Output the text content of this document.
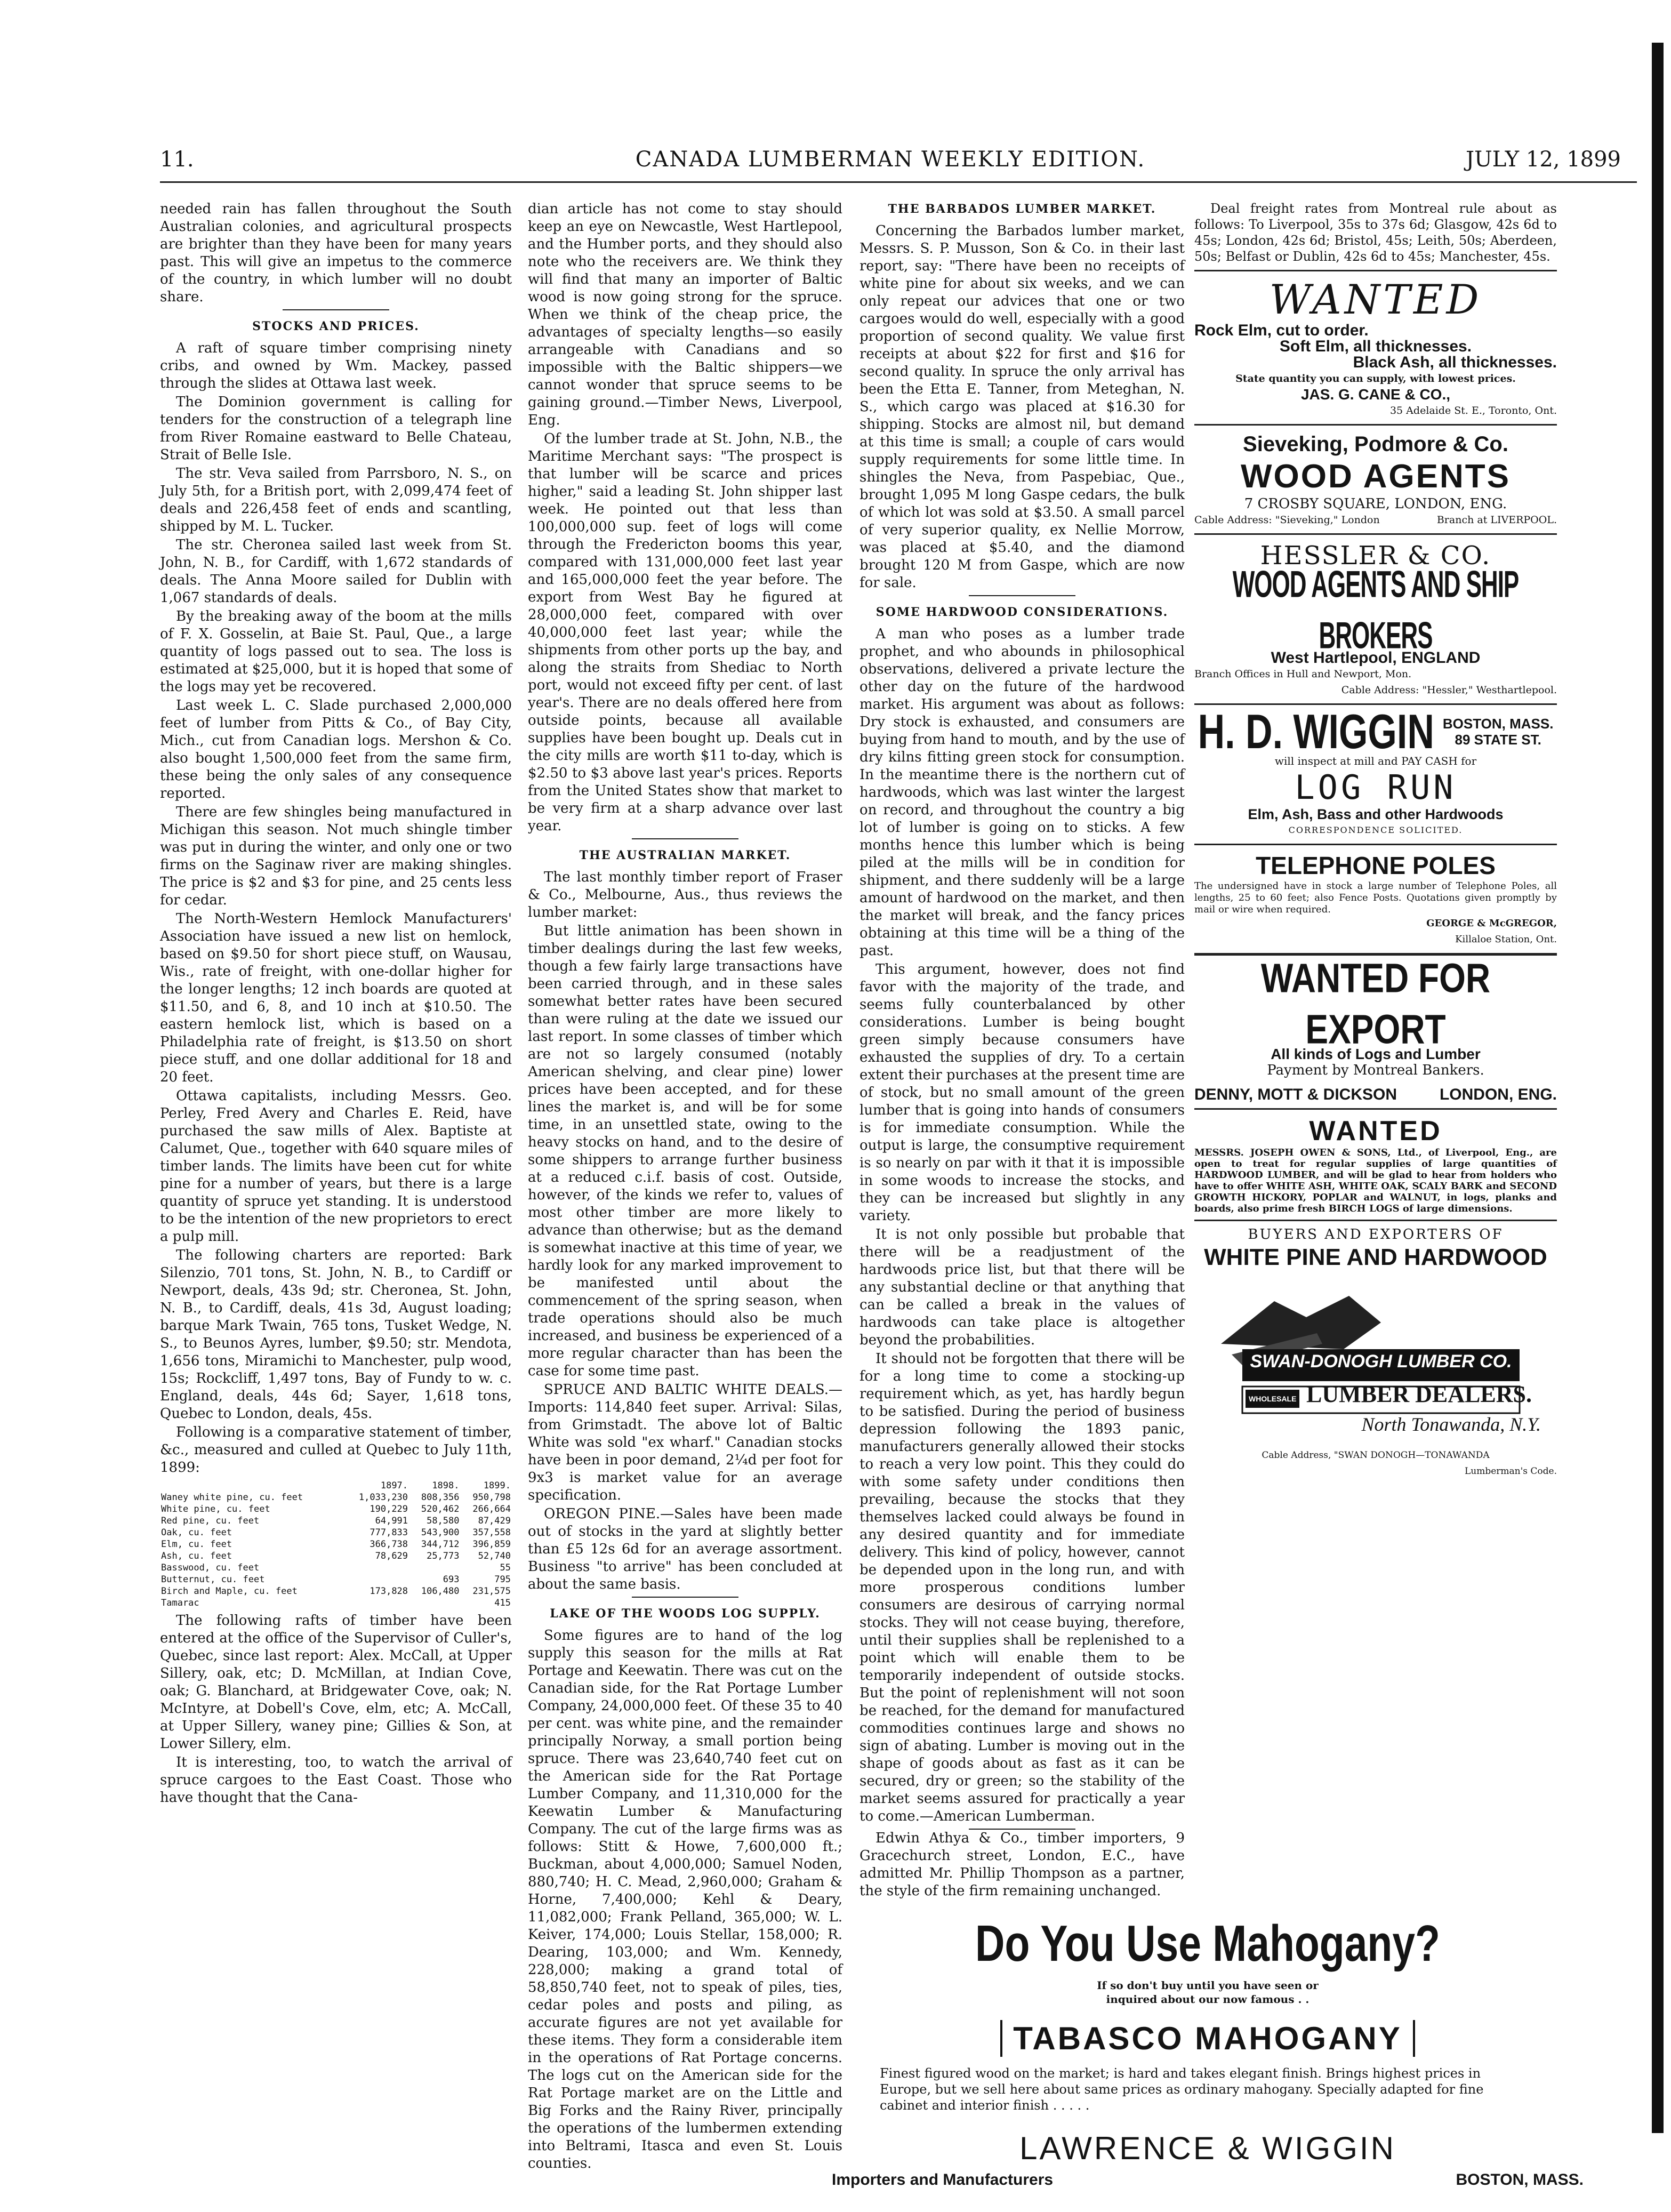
11.	CANADA LUMBERMAN WEEKLY EDITION.	JULY 12, 1899

needed rain has fallen throughout the South Australian colonies, and agricultural prospects are brighter than they have been for many years past. This will give an impetus to the commerce of the country, in which lumber will no doubt share.

STOCKS AND PRICES.

A raft of square timber comprising ninety cribs, and owned by Wm. Mackey, passed through the slides at Ottawa last week.

The Dominion government is calling for tenders for the construction of a telegraph line from River Romaine eastward to Belle Chateau, Strait of Belle Isle.

The str. Veva sailed from Parrsboro, N. S., on July 5th, for a British port, with 2,099,474 feet of deals and 226,458 feet of ends and scantling, shipped by M. L. Tucker.

The str. Cheronea sailed last week from St. John, N. B., for Cardiff, with 1,672 standards of deals. The Anna Moore sailed for Dublin with 1,067 standards of deals.

By the breaking away of the boom at the mills of F. X. Gosselin, at Baie St. Paul, Que., a large quantity of logs passed out to sea. The loss is estimated at $25,000, but it is hoped that some of the logs may yet be recovered.

Last week L. C. Slade purchased 2,000,000 feet of lumber from Pitts & Co., of Bay City, Mich., cut from Canadian logs. Mershon & Co. also bought 1,500,000 feet from the same firm, these being the only sales of any consequence reported.

There are few shingles being manufactured in Michigan this season. Not much shingle timber was put in during the winter, and only one or two firms on the Saginaw river are making shingles. The price is $2 and $3 for pine, and 25 cents less for cedar.

The North-Western Hemlock Manufacturers' Association have issued a new list on hemlock, based on $9.50 for short piece stuff, on Wausau, Wis., rate of freight, with one-dollar higher for the longer lengths; 12 inch boards are quoted at $11.50, and 6, 8, and 10 inch at $10.50. The eastern hemlock list, which is based on a Philadelphia rate of freight, is $13.50 on short piece stuff, and one dollar additional for 18 and 20 feet.

Ottawa capitalists, including Messrs. Geo. Perley, Fred Avery and Charles E. Reid, have purchased the saw mills of Alex. Baptiste at Calumet, Que., together with 640 square miles of timber lands. The limits have been cut for white pine for a number of years, but there is a large quantity of spruce yet standing. It is understood to be the intention of the new proprietors to erect a pulp mill.

The following charters are reported: Bark Silenzio, 701 tons, St. John, N. B., to Cardiff or Newport, deals, 43s 9d; str. Cheronea, St. John, N. B., to Cardiff, deals, 41s 3d, August loading; barque Mark Twain, 765 tons, Tusket Wedge, N. S., to Beunos Ayres, lumber, $9.50; str. Mendota, 1,656 tons, Miramichi to Manchester, pulp wood, 15s; Rockcliff, 1,497 tons, Bay of Fundy to w. c. England, deals, 44s 6d; Sayer, 1,618 tons, Quebec to London, deals, 45s.

Following is a comparative statement of timber, &c., measured and culled at Quebec to July 11th, 1899:

	1897.	1898.	1899.
Waney white pine, cu. feet	1,033,230	808,356	950,798
White pine, cu. feet	190,229	520,462	266,664
Red pine, cu. feet	64,991	58,580	87,429
Oak, cu. feet	777,833	543,900	357,558
Elm, cu. feet	366,738	344,712	396,859
Ash, cu. feet	78,629	25,773	52,740
Basswood, cu. feet			55
Butternut, cu. feet		693	795
Birch and Maple, cu. feet	173,828	106,480	231,575
Tamarac			415

The following rafts of timber have been entered at the office of the Supervisor of Culler's, Quebec, since last report: Alex. McCall, at Upper Sillery, oak, etc; D. McMillan, at Indian Cove, oak; G. Blanchard, at Bridgewater Cove, oak; N. McIntyre, at Dobell's Cove, elm, etc; A. McCall, at Upper Sillery, waney pine; Gillies & Son, at Lower Sillery, elm.

It is interesting, too, to watch the arrival of spruce cargoes to the East Coast. Those who have thought that the Cana-

dian article has not come to stay should keep an eye on Newcastle, West Hartlepool, and the Humber ports, and they should also note who the receivers are. We think they will find that many an importer of Baltic wood is now going strong for the spruce. When we think of the cheap price, the advantages of specialty lengths—so easily arrangeable with Canadians and so impossible with the Baltic shippers—we cannot wonder that spruce seems to be gaining ground.—Timber News, Liverpool, Eng.

Of the lumber trade at St. John, N.B., the Maritime Merchant says: "The prospect is that lumber will be scarce and prices higher," said a leading St. John shipper last week. He pointed out that less than 100,000,000 sup. feet of logs will come through the Fredericton booms this year, compared with 131,000,000 feet last year and 165,000,000 feet the year before. The export from West Bay he figured at 28,000,000 feet, compared with over 40,000,000 feet last year; while the shipments from other ports up the bay, and along the straits from Shediac to North port, would not exceed fifty per cent. of last year's. There are no deals offered here from outside points, because all available supplies have been bought up. Deals cut in the city mills are worth $11 to-day, which is $2.50 to $3 above last year's prices. Reports from the United States show that market to be very firm at a sharp advance over last year.

THE AUSTRALIAN MARKET.

The last monthly timber report of Fraser & Co., Melbourne, Aus., thus reviews the lumber market:

But little animation has been shown in timber dealings during the last few weeks, though a few fairly large transactions have been carried through, and in these sales somewhat better rates have been secured than were ruling at the date we issued our last report. In some classes of timber which are not so largely consumed (notably American shelving, and clear pine) lower prices have been accepted, and for these lines the market is, and will be for some time, in an unsettled state, owing to the heavy stocks on hand, and to the desire of some shippers to arrange further business at a reduced c.i.f. basis of cost. Outside, however, of the kinds we refer to, values of most other timber are more likely to advance than otherwise; but as the demand is somewhat inactive at this time of year, we hardly look for any marked improvement to be manifested until about the commencement of the spring season, when trade operations should also be much increased, and business be experienced of a more regular character than has been the case for some time past.

SPRUCE AND BALTIC WHITE DEALS.—Imports: 114,840 feet super. Arrival: Silas, from Grimstadt. The above lot of Baltic White was sold "ex wharf." Canadian stocks have been in poor demand, 2¼d per foot for 9x3 is market value for an average specification.

OREGON PINE.—Sales have been made out of stocks in the yard at slightly better than £5 12s 6d for an average assortment. Business "to arrive" has been concluded at about the same basis.

LAKE OF THE WOODS LOG SUPPLY.

Some figures are to hand of the log supply this season for the mills at Rat Portage and Keewatin. There was cut on the Canadian side, for the Rat Portage Lumber Company, 24,000,000 feet. Of these 35 to 40 per cent. was white pine, and the remainder principally Norway, a small portion being spruce. There was 23,640,740 feet cut on the American side for the Rat Portage Lumber Company, and 11,310,000 for the Keewatin Lumber & Manufacturing Company. The cut of the large firms was as follows: Stitt & Howe, 7,600,000 ft.; Buckman, about 4,000,000; Samuel Noden, 880,740; H. C. Mead, 2,960,000; Graham & Horne, 7,400,000; Kehl & Deary, 11,082,000; Frank Pelland, 365,000; W. L. Keiver, 174,000; Louis Stellar, 158,000; R. Dearing, 103,000; and Wm. Kennedy, 228,000; making a grand total of 58,850,740 feet, not to speak of piles, ties, cedar poles and posts and piling, as accurate figures are not yet available for these items. They form a considerable item in the operations of Rat Portage concerns. The logs cut on the American side for the Rat Portage market are on the Little and Big Forks and the Rainy River, principally the operations of the lumbermen extending into Beltrami, Itasca and even St. Louis counties.

THE BARBADOS LUMBER MARKET.

Concerning the Barbados lumber market, Messrs. S. P. Musson, Son & Co. in their last report, say: "There have been no receipts of white pine for about six weeks, and we can only repeat our advices that one or two cargoes would do well, especially with a good proportion of second quality. We value first receipts at about $22 for first and $16 for second quality. In spruce the only arrival has been the Etta E. Tanner, from Meteghan, N. S., which cargo was placed at $16.30 for shipping. Stocks are almost nil, but demand at this time is small; a couple of cars would supply requirements for some little time. In shingles the Neva, from Paspebiac, Que., brought 1,095 M long Gaspe cedars, the bulk of which lot was sold at $3.50. A small parcel of very superior quality, ex Nellie Morrow, was placed at $5.40, and the diamond brought 120 M from Gaspe, which are now for sale.

SOME HARDWOOD CONSIDERATIONS.

A man who poses as a lumber trade prophet, and who abounds in philosophical observations, delivered a private lecture the other day on the future of the hardwood market. His argument was about as follows: Dry stock is exhausted, and consumers are buying from hand to mouth, and by the use of dry kilns fitting green stock for consumption. In the meantime there is the northern cut of hardwoods, which was last winter the largest on record, and throughout the country a big lot of lumber is going on to sticks. A few months hence this lumber which is being piled at the mills will be in condition for shipment, and there suddenly will be a large amount of hardwood on the market, and then the market will break, and the fancy prices obtaining at this time will be a thing of the past.

This argument, however, does not find favor with the majority of the trade, and seems fully counterbalanced by other considerations. Lumber is being bought green simply because consumers have exhausted the supplies of dry. To a certain extent their purchases at the present time are of stock, but no small amount of the green lumber that is going into hands of consumers is for immediate consumption. While the output is large, the consumptive requirement is so nearly on par with it that it is impossible in some woods to increase the stocks, and they can be increased but slightly in any variety.

It is not only possible but probable that there will be a readjustment of the hardwoods price list, but that there will be any substantial decline or that anything that can be called a break in the values of hardwoods can take place is altogether beyond the probabilities.

It should not be forgotten that there will be for a long time to come a stocking-up requirement which, as yet, has hardly begun to be satisfied. During the period of business depression following the 1893 panic, manufacturers generally allowed their stocks to reach a very low point. This they could do with some safety under conditions then prevailing, because the stocks that they themselves lacked could always be found in any desired quantity and for immediate delivery. This kind of policy, however, cannot be depended upon in the long run, and with more prosperous conditions lumber consumers are desirous of carrying normal stocks. They will not cease buying, therefore, until their supplies shall be replenished to a point which will enable them to be temporarily independent of outside stocks. But the point of replenishment will not soon be reached, for the demand for manufactured commodities continues large and shows no sign of abating. Lumber is moving out in the shape of goods about as fast as it can be secured, dry or green; so the stability of the market seems assured for practically a year to come.—American Lumberman.

Edwin Athya & Co., timber importers, 9 Gracechurch street, London, E.C., have admitted Mr. Phillip Thompson as a partner, the style of the firm remaining unchanged.

Deal freight rates from Montreal rule about as follows: To Liverpool, 35s to 37s 6d; Glasgow, 42s 6d to 45s; London, 42s 6d; Bristol, 45s; Leith, 50s; Aberdeen, 50s; Belfast or Dublin, 42s 6d to 45s; Manchester, 45s.

WANTED
Rock Elm, cut to order.
Soft Elm, all thicknesses.
Black Ash, all thicknesses.
State quantity you can supply, with lowest prices.
JAS. G. CANE & CO.,
35 Adelaide St. E., Toronto, Ont.
Sieveking, Podmore & Co.
WOOD AGENTS
7 CROSBY SQUARE, LONDON, ENG.
Cable Address: "Sieveking," London	Branch at LIVERPOOL.
HESSLER & CO.
WOOD AGENTS AND SHIP BROKERS
West Hartlepool, ENGLAND
Branch Offices in Hull and Newport, Mon.
Cable Address: "Hessler," Westhartlepool.
H. D. WIGGIN BOSTON, MASS.
89 STATE ST.
will inspect at mill and PAY CASH for
LOG RUN
Elm, Ash, Bass and other Hardwoods
CORRESPONDENCE SOLICITED.
TELEPHONE POLES
The undersigned have in stock a large number of Telephone Poles, all lengths, 25 to 60 feet; also Fence Posts. Quotations given promptly by mail or wire when required.
GEORGE & McGREGOR,
Killaloe Station, Ont.
WANTED FOR EXPORT
All kinds of Logs and Lumber
Payment by Montreal Bankers.
DENNY, MOTT & DICKSON	LONDON, ENG.
WANTED
MESSRS. JOSEPH OWEN & SONS, Ltd., of Liverpool, Eng., are open to treat for regular supplies of large quantities of HARDWOOD LUMBER, and will be glad to hear from holders who have to offer WHITE ASH, WHITE OAK, SCALY BARK and SECOND GROWTH HICKORY, POPLAR and WALNUT, in logs, planks and boards, also prime fresh BIRCH LOGS of large dimensions.
BUYERS AND EXPORTERS OF
WHITE PINE AND HARDWOOD
SWAN-DONOGH LUMBER CO.
WHOLESALE LUMBER DEALERS.
North Tonawanda, N.Y.
Cable Address, "SWAN DONOGH—TONAWANDA
Lumberman's Code.
Do You Use Mahogany?
If so don't buy until you have seen or inquired about our now famous . .
TABASCO MAHOGANY
Finest figured wood on the market; is hard and takes elegant finish. Brings highest prices in Europe, but we sell here about same prices as ordinary mahogany. Specially adapted for fine cabinet and interior finish . . . . .
LAWRENCE & WIGGIN
Importers and Manufacturers	BOSTON, MASS.
